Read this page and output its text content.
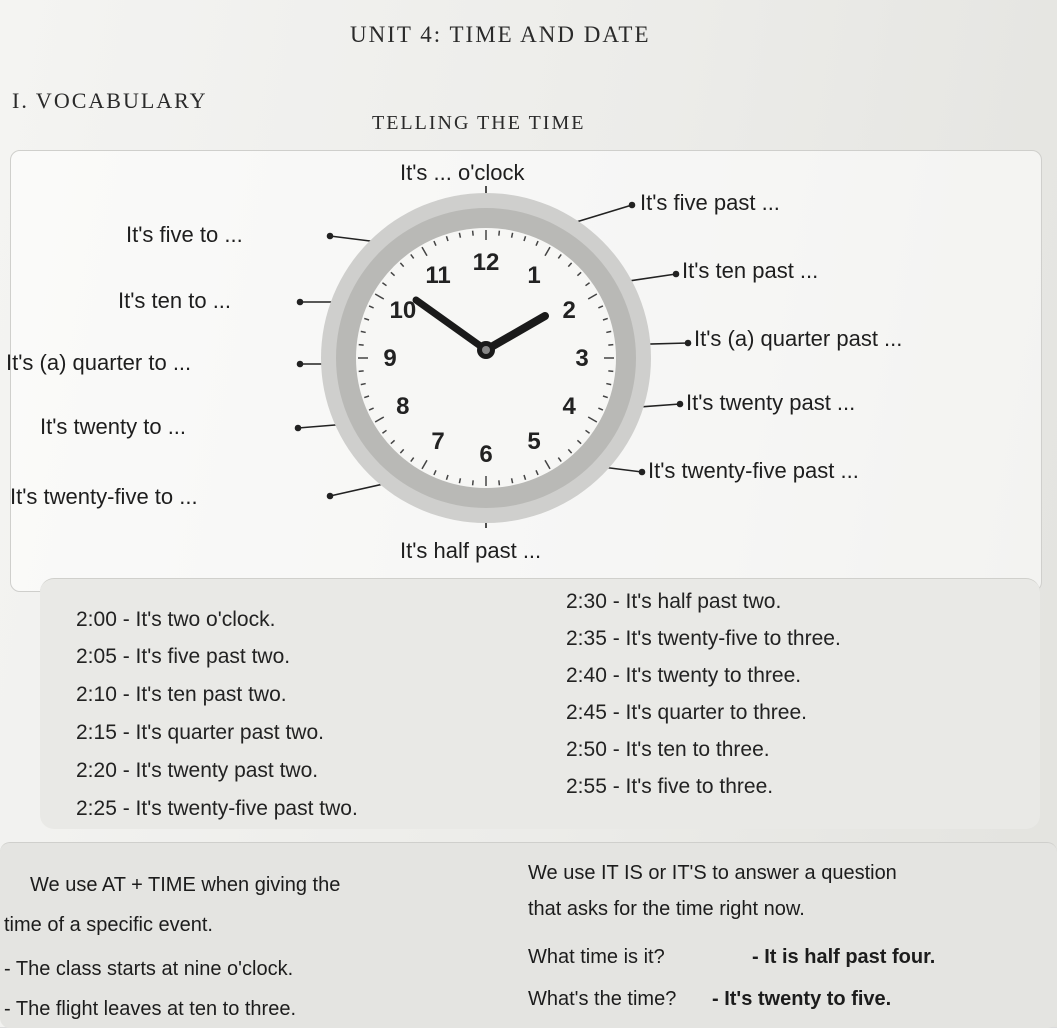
UNIT 4: TIME AND DATE
I. VOCABULARY
TELLING THE TIME
12 1
2
3
4
5
6
7
8
9
10
11
It's ... o'clock
It's half past ...
It's five past ...
It's ten past ...
It's (a) quarter past ...
It's twenty past ...
It's twenty-five past ...
It's five to ...
It's ten to ...
It's (a) quarter to ...
It's twenty to ...
It's twenty-five to ...
2:00 - It's two o'clock.
2:05 - It's five past two.
2:10 - It's ten past two.
2:15 - It's quarter past two.
2:20 - It's twenty past two.
2:25 - It's twenty-five past two.
2:30 - It's half past two.
2:35 - It's twenty-five to three.
2:40 - It's twenty to three.
2:45 - It's quarter to three.
2:50 - It's ten to three.
2:55 - It's five to three.
We use AT + TIME when giving the
time of a specific event.
- The class starts at nine o'clock.
- The flight leaves at ten to three.
We use IT IS or IT'S to answer a question
that asks for the time right now.
What time is it?	- It is half past four.
What's the time? - It's twenty to five.
